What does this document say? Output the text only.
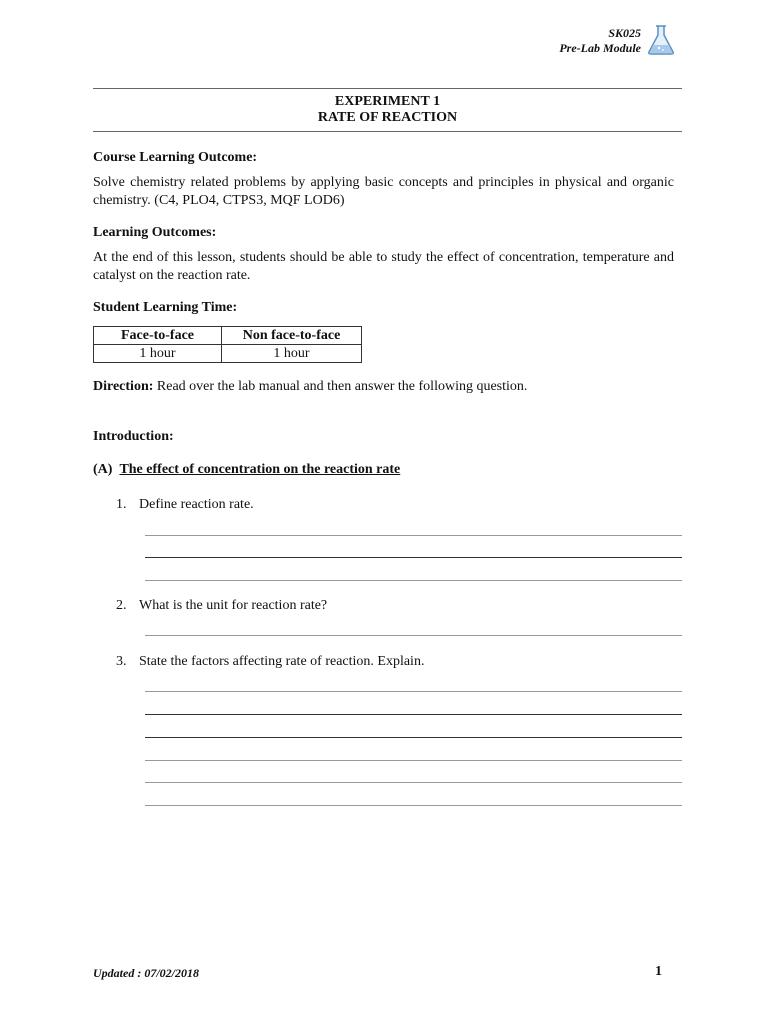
SK025
Pre-Lab Module
EXPERIMENT 1
RATE OF REACTION
Course Learning Outcome:
Solve chemistry related problems by applying basic concepts and principles in physical and organic chemistry. (C4, PLO4, CTPS3, MQF LOD6)
Learning Outcomes:
At the end of this lesson, students should be able to study the effect of concentration, temperature and catalyst on the reaction rate.
Student Learning Time:
Face-to-face	Non face-to-face
1 hour	1 hour
Direction: Read over the lab manual and then answer the following question.
Introduction:
(A) The effect of concentration on the reaction rate
1. Define reaction rate.
2. What is the unit for reaction rate?
3. State the factors affecting rate of reaction. Explain.
Updated : 07/02/2018	1
